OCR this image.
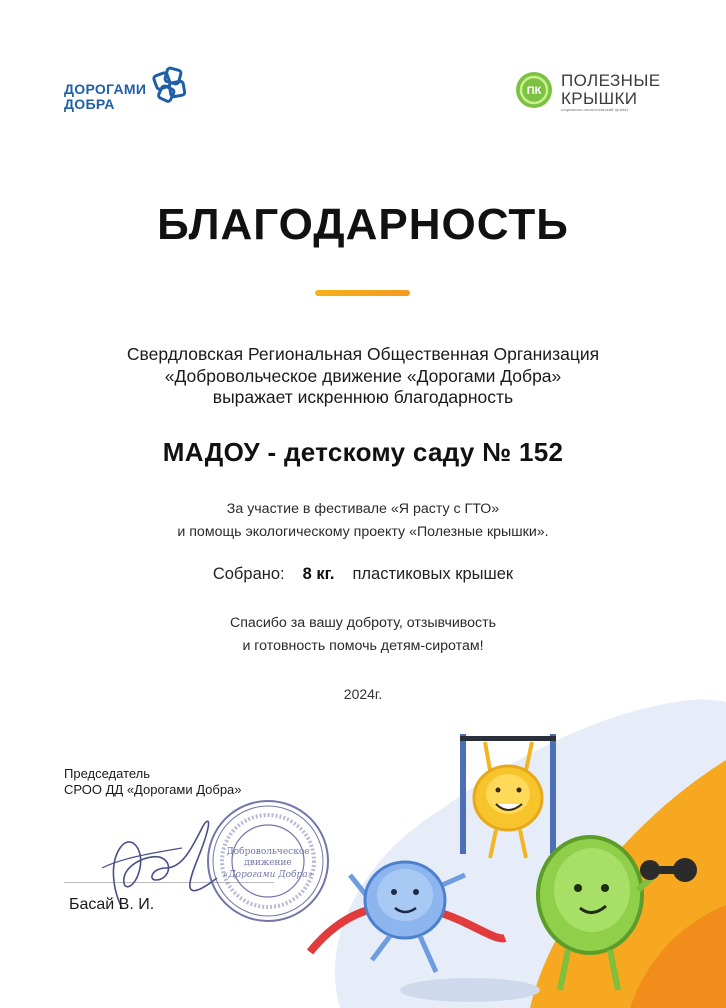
ДОРОГАМИ
ДОБРА
ПК
ПОЛЕЗНЫЕ
КРЫШКИ
социально-экологический проект
БЛАГОДАРНОСТЬ
Свердловская Региональная Общественная Организация
«Добровольческое движение «Дорогами Добра»
выражает искреннюю благодарность
МАДОУ - детскому саду № 152
За участие в фестивале «Я расту с ГТО»
и помощь экологическому проекту «Полезные крышки».
Собрано: 8 кг. пластиковых крышек
Спасибо за вашу доброту, отзывчивость
и готовность помочь детям-сиротам!
2024г.
Председатель
СРОО ДД «Дорогами Добра»
Добровольческое
движение
«Дорогами Добра»
Басай В. И.
